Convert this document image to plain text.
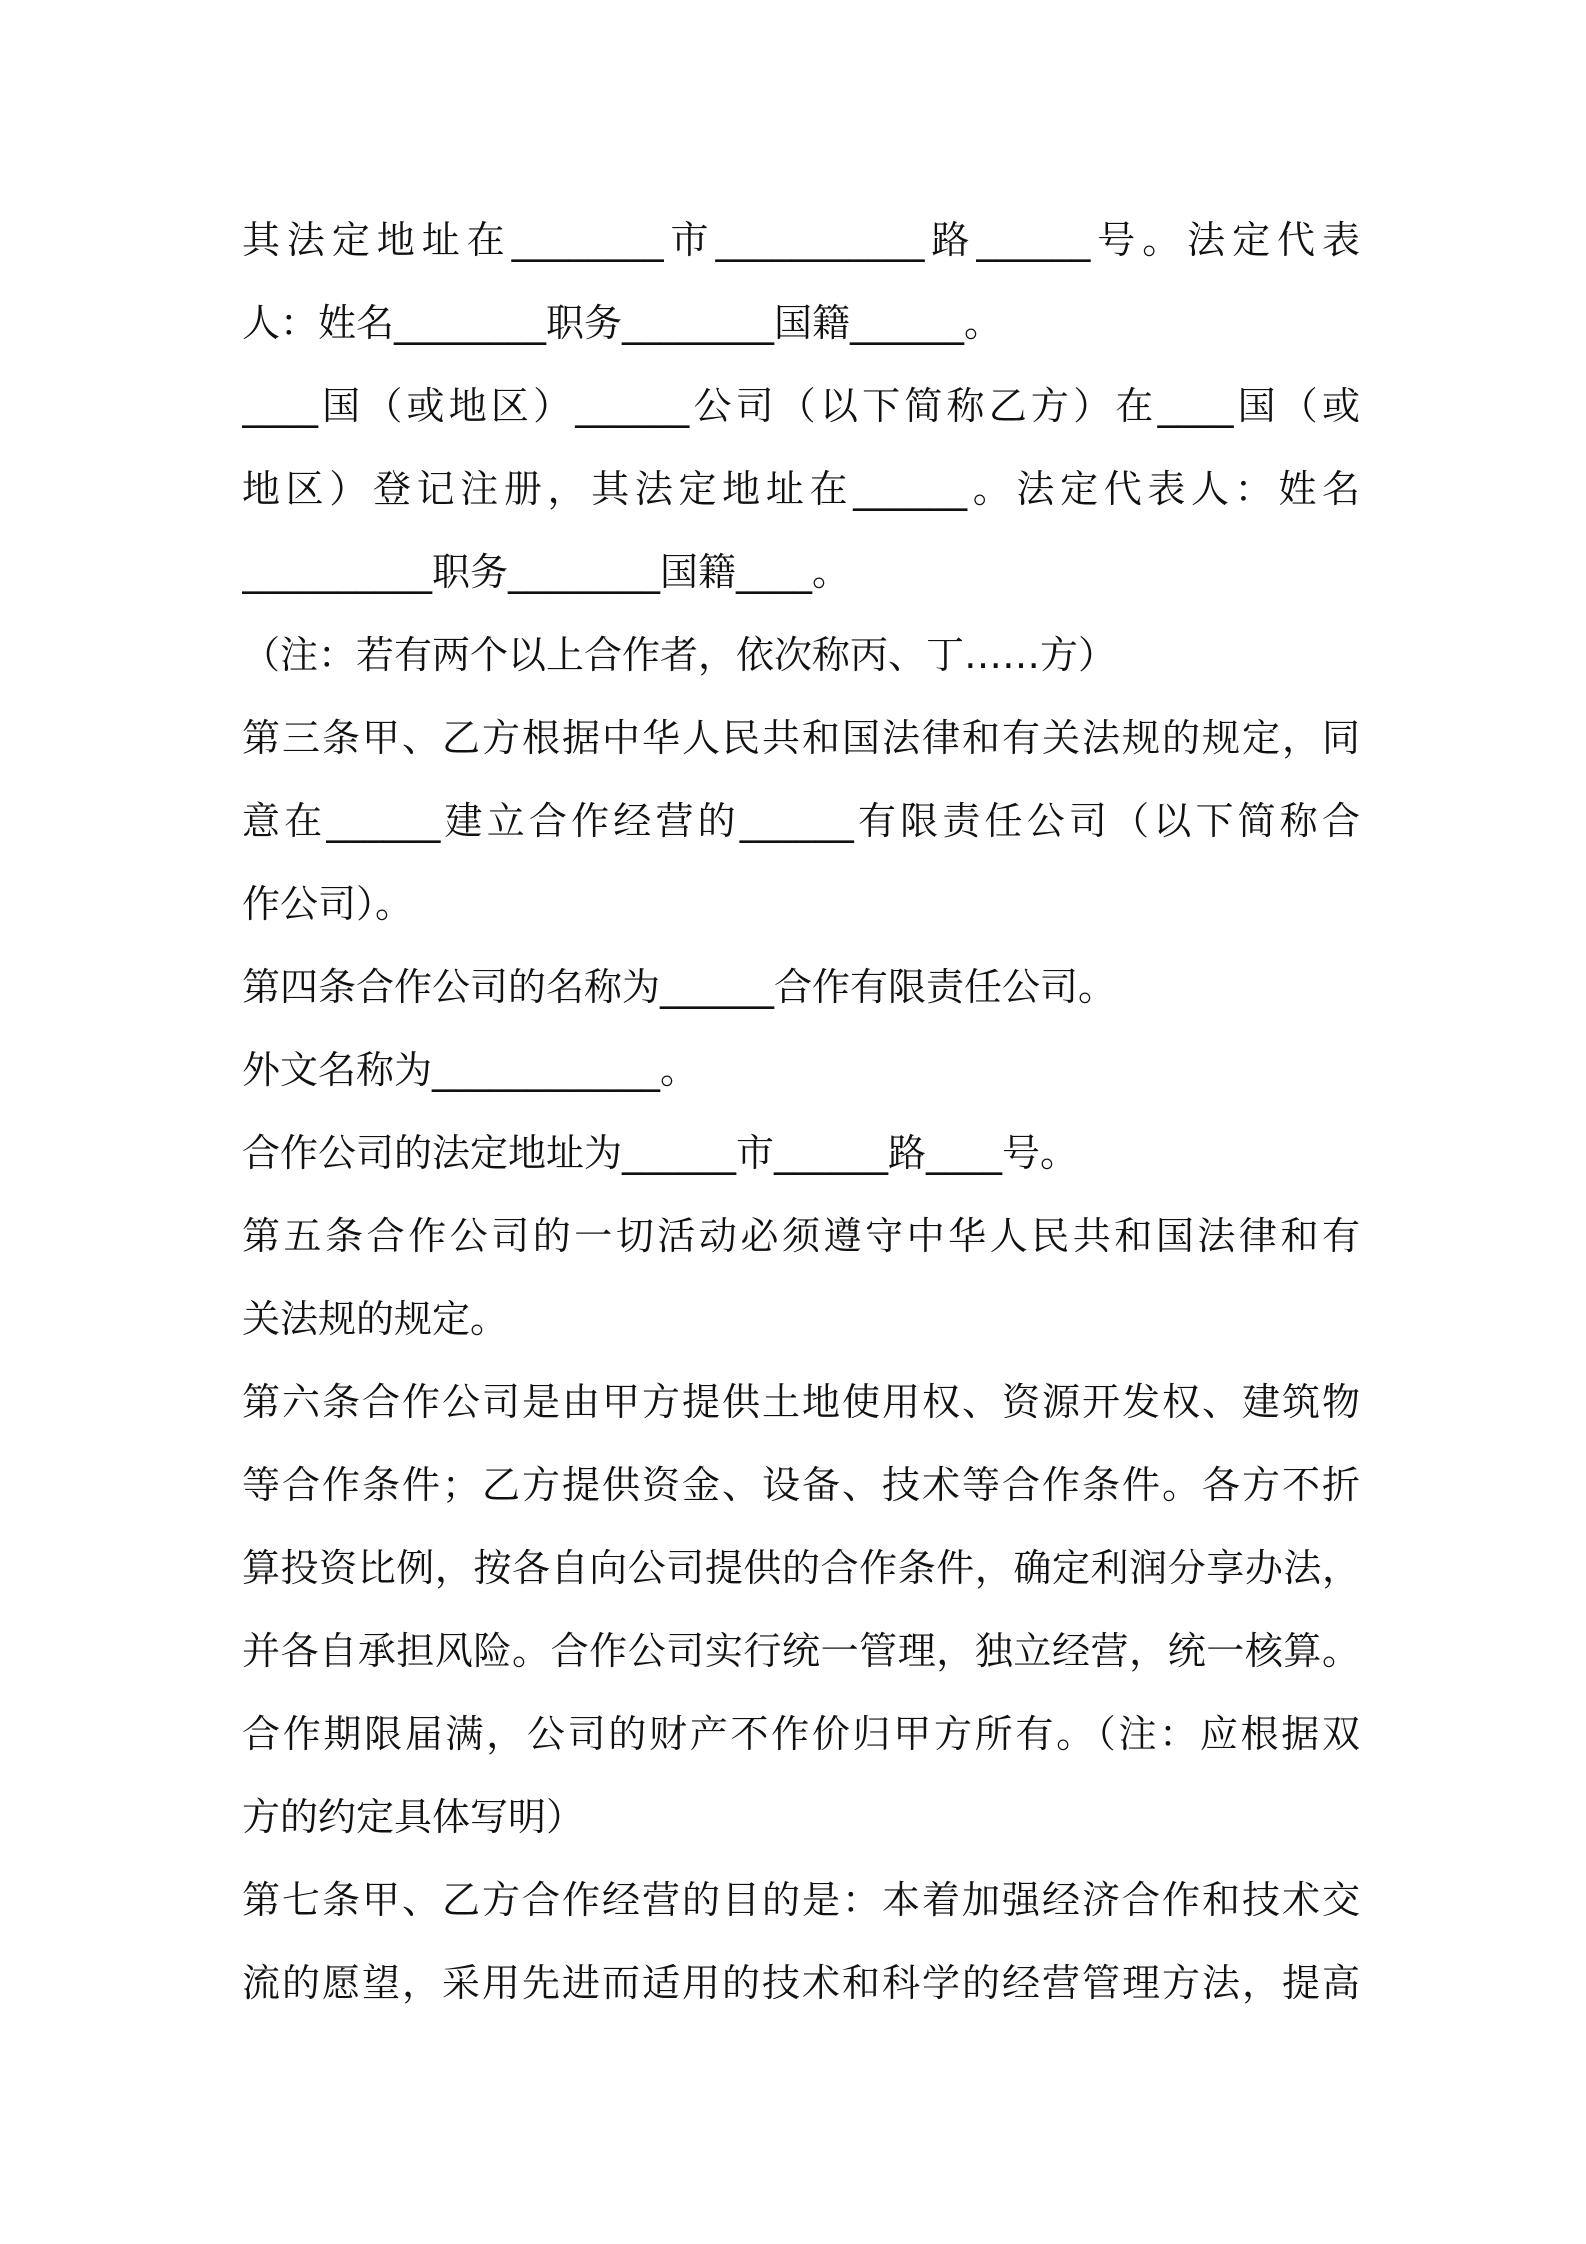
其法定地址在________市___________路______号。法定代表
人：姓名________职务________国籍______。
____国（或地区）______公司（以下简称乙方）在____国（或
地区）登记注册，其法定地址在______。法定代表人：姓名
__________职务________国籍____。
（注：若有两个以上合作者，依次称丙、丁……方）
第三条甲、乙方根据中华人民共和国法律和有关法规的规定，同
意在______建立合作经营的______有限责任公司（以下简称合
作公司）。
第四条合作公司的名称为______合作有限责任公司。
外文名称为____________。
合作公司的法定地址为______市______路____号。
第五条合作公司的一切活动必须遵守中华人民共和国法律和有
关法规的规定。
第六条合作公司是由甲方提供土地使用权、资源开发权、建筑物
等合作条件；乙方提供资金、设备、技术等合作条件。各方不折
算投资比例，按各自向公司提供的合作条件，确定利润分享办法，
并各自承担风险。合作公司实行统一管理，独立经营，统一核算。
合作期限届满，公司的财产不作价归甲方所有。（注：应根据双
方的约定具体写明）
第七条甲、乙方合作经营的目的是：本着加强经济合作和技术交
流的愿望，采用先进而适用的技术和科学的经营管理方法，提高
